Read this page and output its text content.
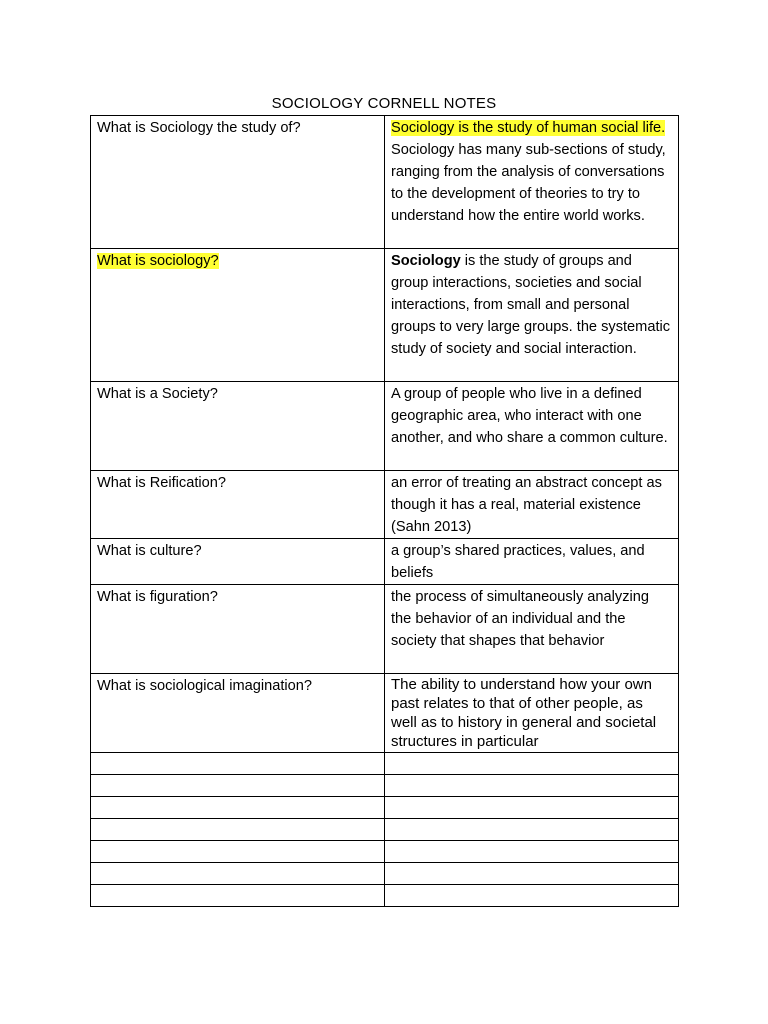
SOCIOLOGY CORNELL NOTES
What is Sociology the study of?	Sociology is the study of human social life. Sociology has many sub-sections of study, ranging from the analysis of conversations to the development of theories to try to understand how the entire world works.
What is sociology?	Sociology is the study of groups and group interactions, societies and social interactions, from small and personal groups to very large groups. the systematic study of society and social interaction.
What is a Society?	A group of people who live in a defined geographic area, who interact with one another, and who share a common culture.
What is Reification?	an error of treating an abstract concept as though it has a real, material existence (Sahn 2013)
What is culture?	a group’s shared practices, values, and beliefs
What is figuration?	the process of simultaneously analyzing the behavior of an individual and the society that shapes that behavior
What is sociological imagination?	The ability to understand how your own past relates to that of other people, as well as to history in general and societal structures in particular
